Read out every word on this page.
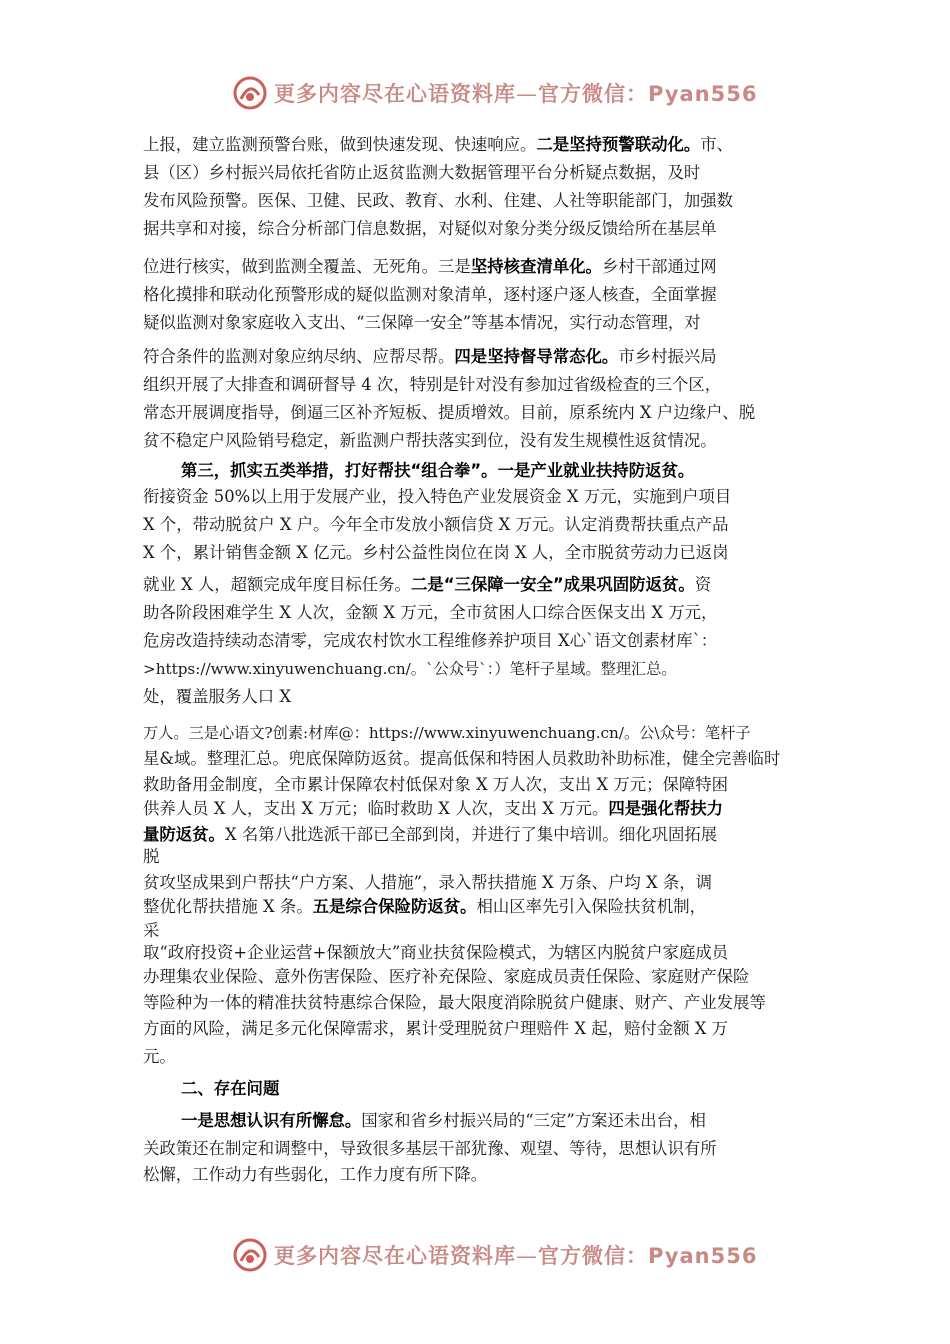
更多内容尽在心语资料库—官方微信：Pyan556
上报，建立监测预警台账，做到快速发现、快速响应。二是坚持预警联动化。市、
县（区）乡村振兴局依托省防止返贫监测大数据管理平台分析疑点数据，及时
发布风险预警。医保、卫健、民政、教育、水利、住建、人社等职能部门，加强数
据共享和对接，综合分析部门信息数据，对疑似对象分类分级反馈给所在基层单
位进行核实，做到监测全覆盖、无死角。三是坚持核查清单化。乡村干部通过网
格化摸排和联动化预警形成的疑似监测对象清单，逐村逐户逐人核查，全面掌握
疑似监测对象家庭收入支出、“三保障一安全”等基本情况，实行动态管理，对
符合条件的监测对象应纳尽纳、应帮尽帮。四是坚持督导常态化。市乡村振兴局
组织开展了大排查和调研督导 4 次，特别是针对没有参加过省级检查的三个区，
常态开展调度指导，倒逼三区补齐短板、提质增效。目前，原系统内 X 户边缘户、脱
贫不稳定户风险销号稳定，新监测户帮扶落实到位，没有发生规模性返贫情况。
第三，抓实五类举措，打好帮扶“组合拳”。一是产业就业扶持防返贫。
衔接资金 50%以上用于发展产业，投入特色产业发展资金 X 万元，实施到户项目
X 个，带动脱贫户 X 户。今年全市发放小额信贷 X 万元。认定消费帮扶重点产品
X 个，累计销售金额 X 亿元。乡村公益性岗位在岗 X 人，全市脱贫劳动力已返岗
就业 X 人，超额完成年度目标任务。二是“三保障一安全”成果巩固防返贫。资
助各阶段困难学生 X 人次，金额 X 万元，全市贫困人口综合医保支出 X 万元，
危房改造持续动态清零，完成农村饮水工程维修养护项目 X心`语文创素材库`：
>https://www.xinyuwenchuang.cn/。`公众号`：）笔杆子星域。整理汇总。
处，覆盖服务人口 X
万人。三是心语文?创素:材库@：https://www.xinyuwenchuang.cn/。公\众号：笔杆子
星&域。整理汇总。兜底保障防返贫。提高低保和特困人员救助补助标准，健全完善临时
救助备用金制度，全市累计保障农村低保对象 X 万人次，支出 X 万元；保障特困
供养人员 X 人，支出 X 万元；临时救助 X 人次，支出 X 万元。四是强化帮扶力
量防返贫。X 名第八批选派干部已全部到岗，并进行了集中培训。细化巩固拓展
脱
贫攻坚成果到户帮扶“户方案、人措施”，录入帮扶措施 X 万条、户均 X 条，调
整优化帮扶措施 X 条。五是综合保险防返贫。相山区率先引入保险扶贫机制，
采
取“政府投资+企业运营+保额放大”商业扶贫保险模式，为辖区内脱贫户家庭成员
办理集农业保险、意外伤害保险、医疗补充保险、家庭成员责任保险、家庭财产保险
等险种为一体的精准扶贫特惠综合保险，最大限度消除脱贫户健康、财产、产业发展等
方面的风险，满足多元化保障需求，累计受理脱贫户理赔件 X 起，赔付金额 X 万
元。
二、存在问题
一是思想认识有所懈怠。国家和省乡村振兴局的“三定”方案还未出台，相
关政策还在制定和调整中，导致很多基层干部犹豫、观望、等待，思想认识有所
松懈，工作动力有些弱化，工作力度有所下降。
更多内容尽在心语资料库—官方微信：Pyan556
